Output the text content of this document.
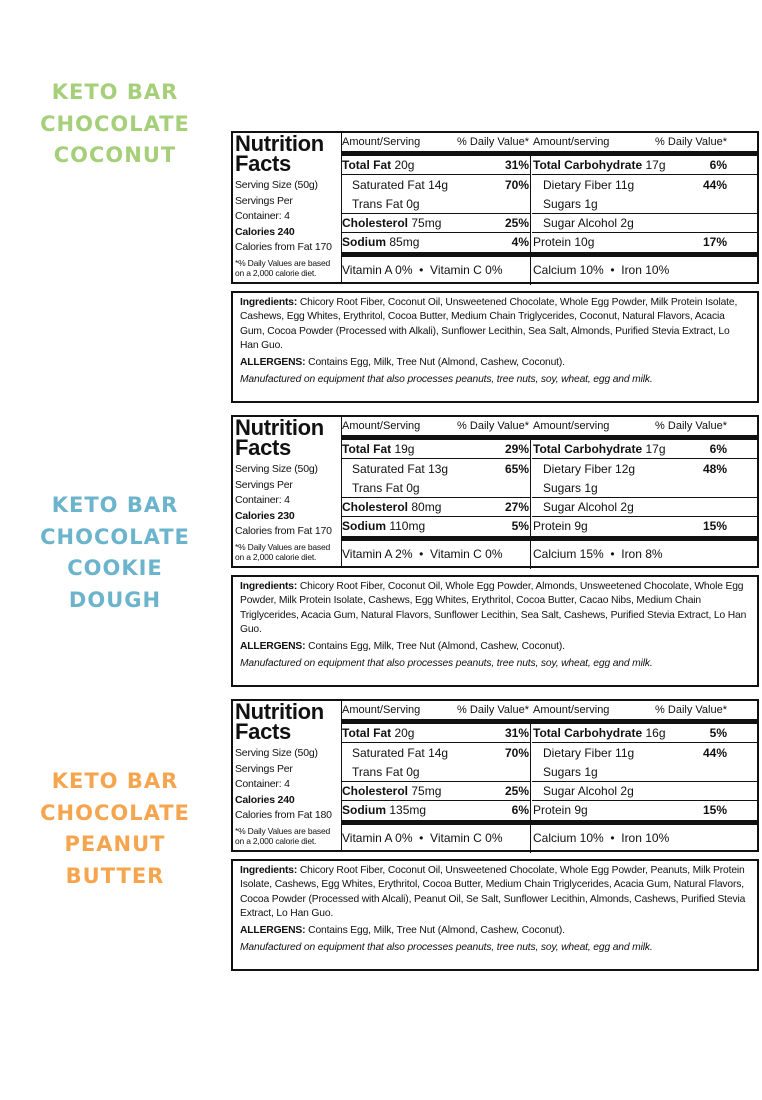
KETO BAR
CHOCOLATE
COCONUT	Nutrition
Facts
Serving Size (50g)
Servings Per
Container: 4
Calories 240
Calories from Fat 170
*% Daily Values are based
on a 2,000 calorie diet.
Amount/Serving	% Daily Value* Amount/serving	% Daily Value*
Total Fat 20g	31%
Saturated Fat 14g	70%
Trans Fat 0g
Cholesterol 75mg	25%
Sodium 85mg	4%
Total Carbohydrate 17g	6%
Dietary Fiber 11g	44%
Sugars 1g
Sugar Alcohol 2g
Protein 10g	17%
Vitamin A 0%  •  Vitamin C 0%	Calcium 10%  •  Iron 10%

Ingredients: Chicory Root Fiber, Coconut Oil, Unsweetened Chocolate, Whole Egg Powder, Milk Protein Isolate, Cashews, Egg Whites, Erythritol, Cocoa Butter, Medium Chain Triglycerides, Coconut, Natural Flavors, Acacia Gum, Cocoa Powder (Processed with Alkali), Sunflower Lecithin, Sea Salt, Almonds, Purified Stevia Extract, Lo Han Guo.

ALLERGENS: Contains Egg, Milk, Tree Nut (Almond, Cashew, Coconut).

Manufactured on equipment that also processes peanuts, tree nuts, soy, wheat, egg and milk.

KETO BAR
CHOCOLATE
COOKIE
DOUGH
Nutrition
Facts
Serving Size (50g)
Servings Per
Container: 4
Calories 230
Calories from Fat 170
*% Daily Values are based
on a 2,000 calorie diet.
Amount/Serving	% Daily Value* Amount/serving	% Daily Value*
Total Fat 19g	29%
Saturated Fat 13g	65%
Trans Fat 0g
Cholesterol 80mg	27%
Sodium 110mg	5%
Total Carbohydrate 17g	6%
Dietary Fiber 12g	48%
Sugars 1g
Sugar Alcohol 2g
Protein 9g	15%
Vitamin A 2%  •  Vitamin C 0%	Calcium 15%  •  Iron 8%

Ingredients: Chicory Root Fiber, Coconut Oil, Whole Egg Powder, Almonds, Unsweetened Chocolate, Whole Egg Powder, Milk Protein Isolate, Cashews, Egg Whites, Erythritol, Cocoa Butter, Cacao Nibs, Medium Chain Triglycerides, Acacia Gum, Natural Flavors, Sunflower Lecithin, Sea Salt, Cashews, Purified Stevia Extract, Lo Han Guo.

ALLERGENS: Contains Egg, Milk, Tree Nut (Almond, Cashew, Coconut).

Manufactured on equipment that also processes peanuts, tree nuts, soy, wheat, egg and milk.

KETO BAR
CHOCOLATE
PEANUT
BUTTER
Nutrition
Facts
Serving Size (50g)
Servings Per
Container: 4
Calories 240
Calories from Fat 180
*% Daily Values are based
on a 2,000 calorie diet.
Amount/Serving	% Daily Value* Amount/serving	% Daily Value*
Total Fat 20g	31%
Saturated Fat 14g	70%
Trans Fat 0g
Cholesterol 75mg	25%
Sodium 135mg	6%
Total Carbohydrate 16g	5%
Dietary Fiber 11g	44%
Sugars 1g
Sugar Alcohol 2g
Protein 9g	15%
Vitamin A 0%  •  Vitamin C 0%	Calcium 10%  •  Iron 10%

Ingredients: Chicory Root Fiber, Coconut Oil, Unsweetened Chocolate, Whole Egg Powder, Peanuts, Milk Protein Isolate, Cashews, Egg Whites, Erythritol, Cocoa Butter, Medium Chain Triglycerides, Acacia Gum, Natural Flavors, Cocoa Powder (Processed with Alcali), Peanut Oil, Se Salt, Sunflower Lecithin, Almonds, Cashews, Purified Stevia Extract, Lo Han Guo.

ALLERGENS: Contains Egg, Milk, Tree Nut (Almond, Cashew, Coconut).

Manufactured on equipment that also processes peanuts, tree nuts, soy, wheat, egg and milk.
